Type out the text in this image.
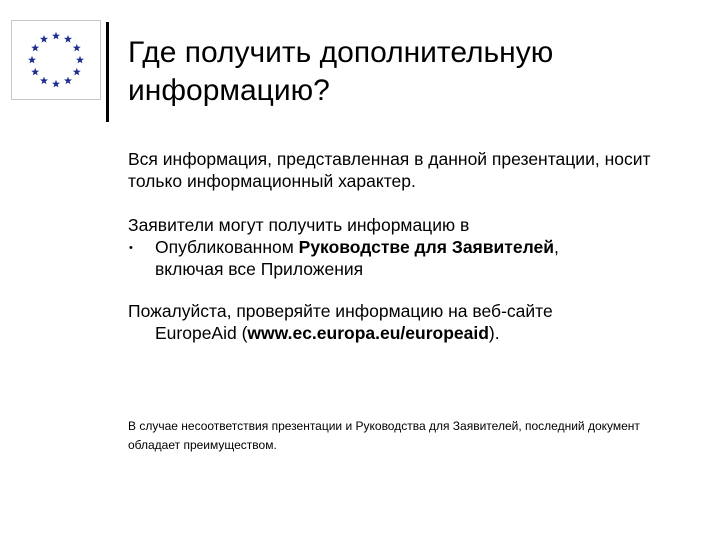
Где получить дополнительную информацию?

Вся информация, представленная в данной презентации, носит только информационный характер.

Заявители могут получить информацию в

• Опубликованном Руководстве для Заявителей,
включая все Приложения

Пожалуйста, проверяйте информацию на веб-сайте

EuropeAid (www.ec.europa.eu/europeaid).

В случае несоответствия презентации и Руководства для Заявителей, последний документ обладает преимуществом.
